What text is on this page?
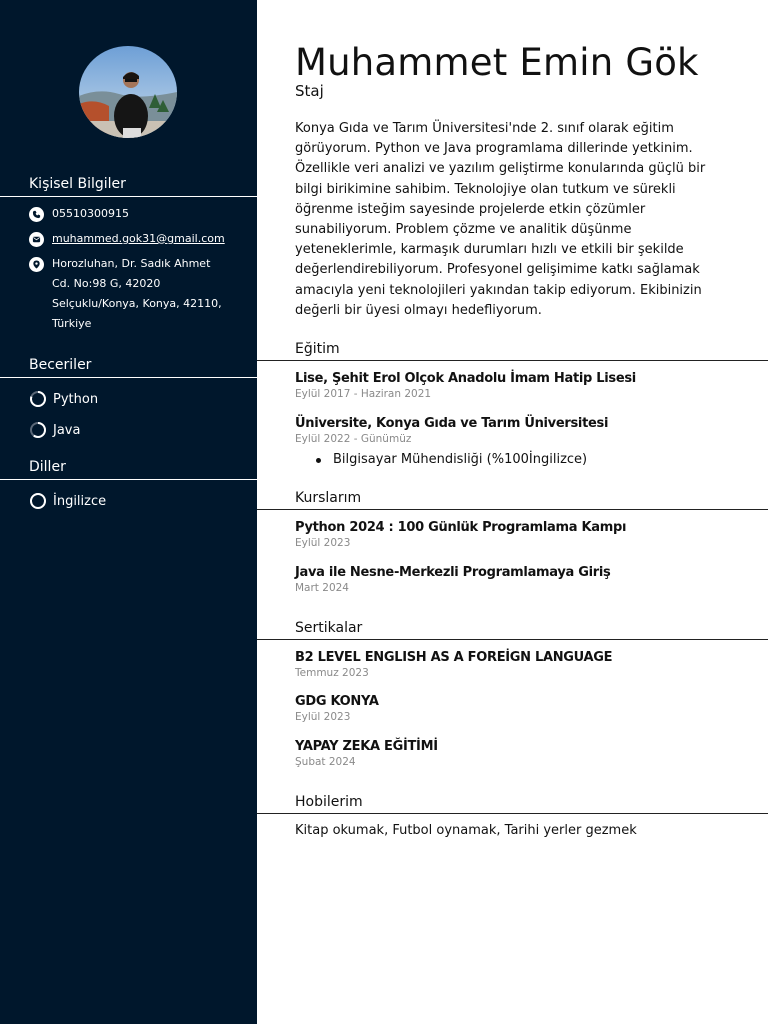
Kişisel Bilgiler
05510300915
muhammed.gok31@gmail.com
Horozluhan, Dr. Sadık Ahmet
Cd. No:98 G, 42020
Selçuklu/Konya, Konya, 42110,
Türkiye
Beceriler
Python
Java
Diller
İngilizce
Muhammet Emin Gök
Staj
Konya Gıda ve Tarım Üniversitesi'nde 2. sınıf olarak eğitim görüyorum. Python ve Java programlama dillerinde yetkinim. Özellikle veri analizi ve yazılım geliştirme konularında güçlü bir bilgi birikimine sahibim. Teknolojiye olan tutkum ve sürekli öğrenme isteğim sayesinde projelerde etkin çözümler sunabiliyorum. Problem çözme ve analitik düşünme yeteneklerimle, karmaşık durumları hızlı ve etkili bir şekilde değerlendirebiliyorum. Profesyonel gelişimime katkı sağlamak amacıyla yeni teknolojileri yakından takip ediyorum. Ekibinizin değerli bir üyesi olmayı hedefliyorum.
Eğitim
Lise, Şehit Erol Olçok Anadolu İmam Hatip Lisesi
Eylül 2017 - Haziran 2021
Üniversite, Konya Gıda ve Tarım Üniversitesi
Eylül 2022 - Günümüz
Bilgisayar Mühendisliği (%100İngilizce)
Kurslarım
Python 2024 : 100 Günlük Programlama Kampı
Eylül 2023
Java ile Nesne-Merkezli Programlamaya Giriş
Mart 2024
Sertikalar
B2 LEVEL ENGLISH AS A FOREİGN LANGUAGE
Temmuz 2023
GDG KONYA
Eylül 2023
YAPAY ZEKA EĞİTİMİ
Şubat 2024
Hobilerim
Kitap okumak, Futbol oynamak, Tarihi yerler gezmek
